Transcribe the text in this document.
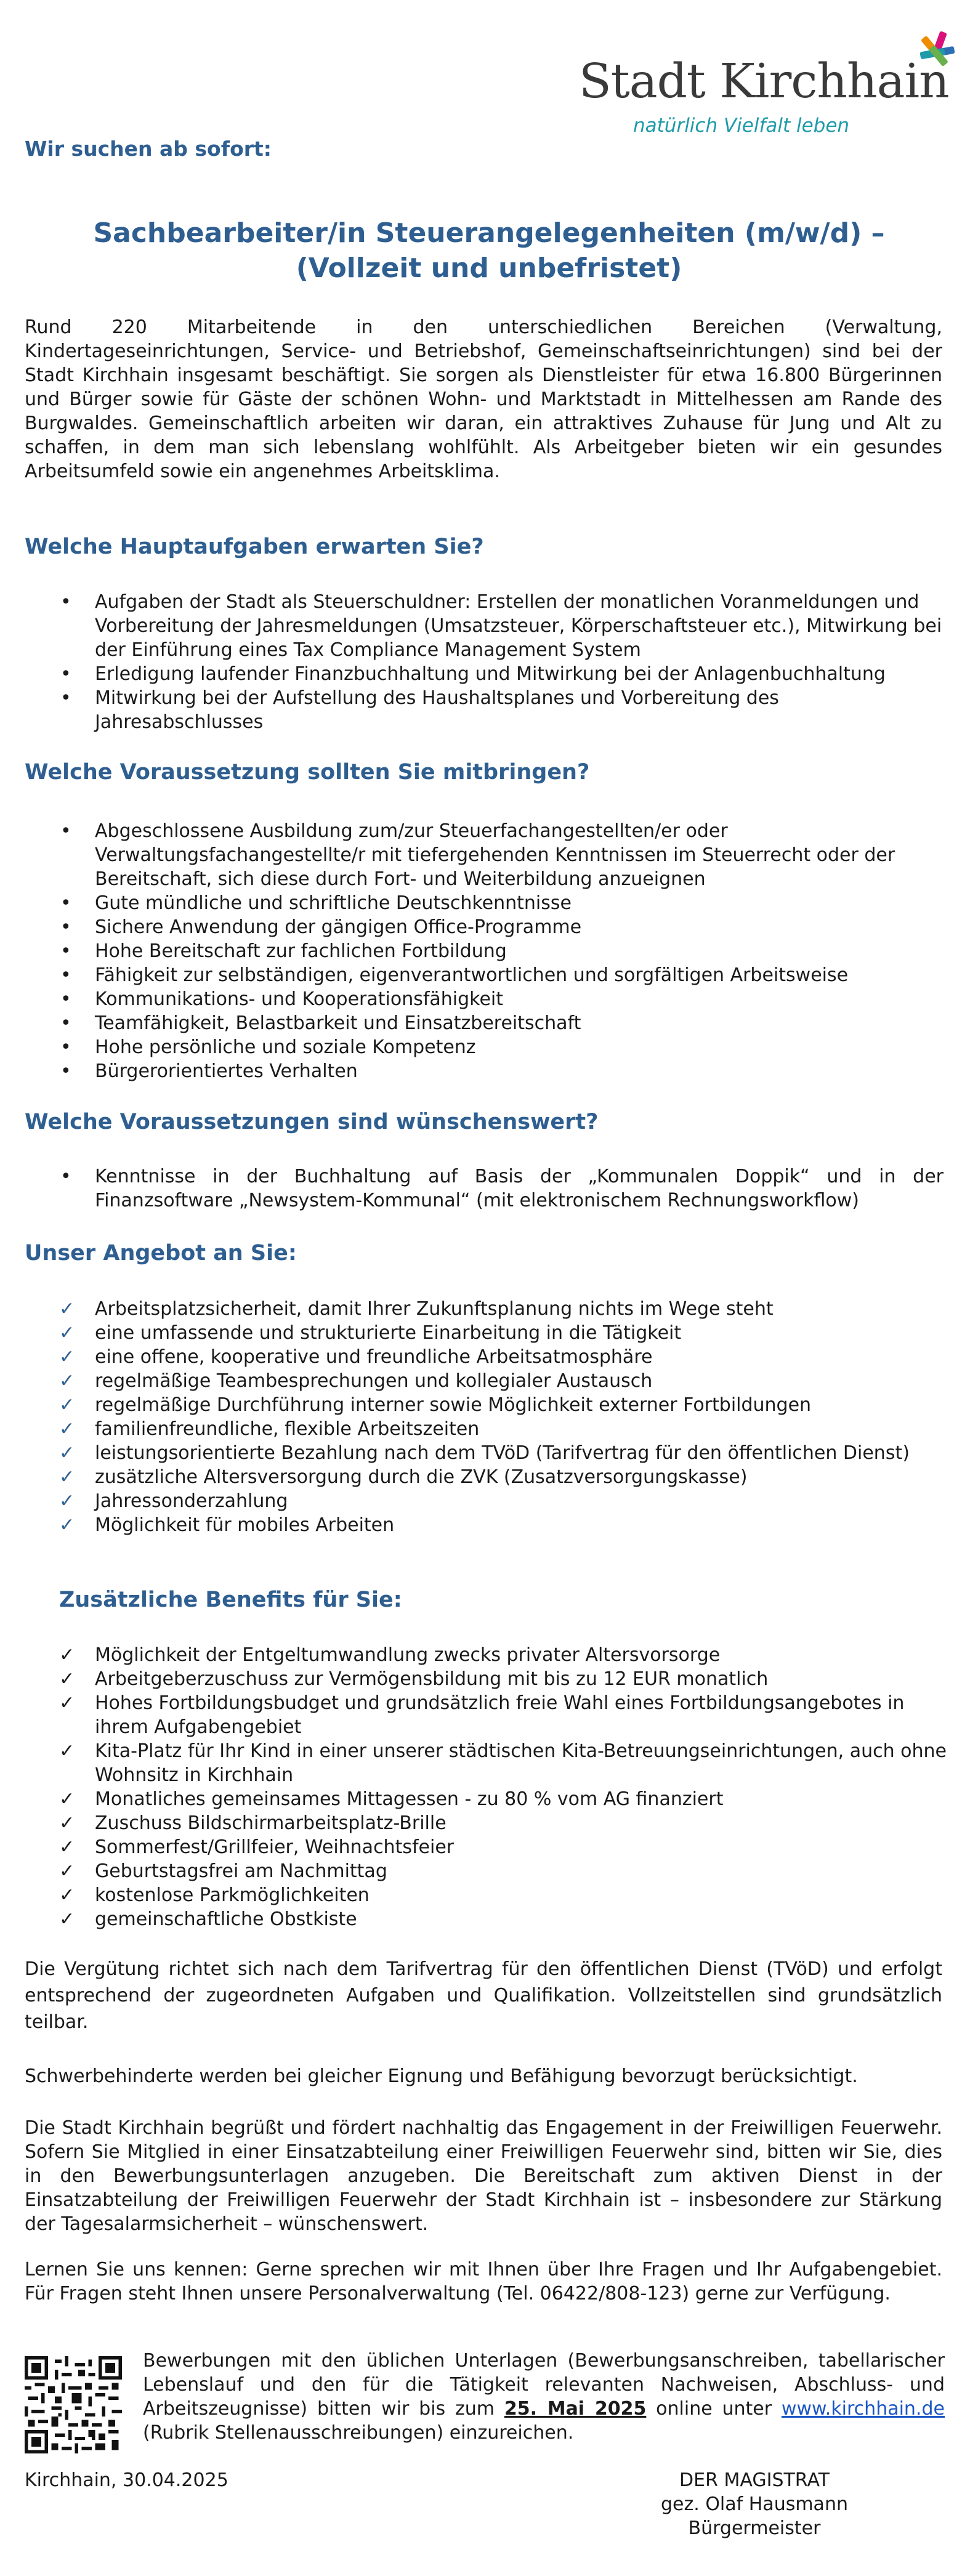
Stadt Kirchhain
natürlich Vielfalt leben
Wir suchen ab sofort:
Sachbearbeiter/in Steuerangelegenheiten (m/w/d) –
(Vollzeit und unbefristet)

Rund 220 Mitarbeitende in den unterschiedlichen Bereichen (Verwaltung, Kindertageseinrichtungen, Service- und Betriebshof, Gemeinschaftseinrichtungen) sind bei der Stadt Kirchhain insgesamt beschäftigt. Sie sorgen als Dienstleister für etwa 16.800 Bürgerinnen und Bürger sowie für Gäste der schönen Wohn- und Marktstadt in Mittelhessen am Rande des Burgwaldes. Gemeinschaftlich arbeiten wir daran, ein attraktives Zuhause für Jung und Alt zu schaffen, in dem man sich lebenslang wohlfühlt. Als Arbeitgeber bieten wir ein gesundes Arbeitsumfeld sowie ein angenehmes Arbeitsklima.

Welche Hauptaufgaben erwarten Sie?
• Aufgaben der Stadt als Steuerschuldner: Erstellen der monatlichen Voranmeldungen und Vorbereitung der Jahresmeldungen (Umsatzsteuer, Körperschaftsteuer etc.), Mitwirkung bei der Einführung eines Tax Compliance Management System
• Erledigung laufender Finanzbuchhaltung und Mitwirkung bei der Anlagenbuchhaltung
• Mitwirkung bei der Aufstellung des Haushaltsplanes und Vorbereitung des Jahresabschlusses
Welche Voraussetzung sollten Sie mitbringen?
• Abgeschlossene Ausbildung zum/zur Steuerfachangestellten/er oder Verwaltungsfachangestellte/r mit tiefergehenden Kenntnissen im Steuerrecht oder der Bereitschaft, sich diese durch Fort- und Weiterbildung anzueignen
• Gute mündliche und schriftliche Deutschkenntnisse
• Sichere Anwendung der gängigen Office-Programme
• Hohe Bereitschaft zur fachlichen Fortbildung
• Fähigkeit zur selbständigen, eigenverantwortlichen und sorgfältigen Arbeitsweise
• Kommunikations- und Kooperationsfähigkeit
• Teamfähigkeit, Belastbarkeit und Einsatzbereitschaft
• Hohe persönliche und soziale Kompetenz
• Bürgerorientiertes Verhalten
Welche Voraussetzungen sind wünschenswert?
• Kenntnisse in der Buchhaltung auf Basis der „Kommunalen Doppik“ und in der Finanzsoftware „Newsystem-Kommunal“ (mit elektronischem Rechnungsworkflow)
Unser Angebot an Sie:
✓ Arbeitsplatzsicherheit, damit Ihrer Zukunftsplanung nichts im Wege steht
✓ eine umfassende und strukturierte Einarbeitung in die Tätigkeit
✓ eine offene, kooperative und freundliche Arbeitsatmosphäre
✓ regelmäßige Teambesprechungen und kollegialer Austausch
✓ regelmäßige Durchführung interner sowie Möglichkeit externer Fortbildungen
✓ familienfreundliche, flexible Arbeitszeiten
✓ leistungsorientierte Bezahlung nach dem TVöD (Tarifvertrag für den öffentlichen Dienst)
✓ zusätzliche Altersversorgung durch die ZVK (Zusatzversorgungskasse)
✓ Jahressonderzahlung
✓ Möglichkeit für mobiles Arbeiten
Zusätzliche Benefits für Sie:
✓ Möglichkeit der Entgeltumwandlung zwecks privater Altersvorsorge
✓ Arbeitgeberzuschuss zur Vermögensbildung mit bis zu 12 EUR monatlich
✓ Hohes Fortbildungsbudget und grundsätzlich freie Wahl eines Fortbildungsangebotes in ihrem Aufgabengebiet
✓ Kita-Platz für Ihr Kind in einer unserer städtischen Kita-Betreuungseinrichtungen, auch ohne Wohnsitz in Kirchhain
✓ Monatliches gemeinsames Mittagessen - zu 80 % vom AG finanziert
✓ Zuschuss Bildschirmarbeitsplatz-Brille
✓ Sommerfest/Grillfeier, Weihnachtsfeier
✓ Geburtstagsfrei am Nachmittag
✓ kostenlose Parkmöglichkeiten
✓ gemeinschaftliche Obstkiste

Die Vergütung richtet sich nach dem Tarifvertrag für den öffentlichen Dienst (TVöD) und erfolgt entsprechend der zugeordneten Aufgaben und Qualifikation. Vollzeitstellen sind grundsätzlich teilbar.

Schwerbehinderte werden bei gleicher Eignung und Befähigung bevorzugt berücksichtigt.

Die Stadt Kirchhain begrüßt und fördert nachhaltig das Engagement in der Freiwilligen Feuerwehr. Sofern Sie Mitglied in einer Einsatzabteilung einer Freiwilligen Feuerwehr sind, bitten wir Sie, dies in den Bewerbungsunterlagen anzugeben. Die Bereitschaft zum aktiven Dienst in der Einsatzabteilung der Freiwilligen Feuerwehr der Stadt Kirchhain ist – insbesondere zur Stärkung der Tagesalarmsicherheit – wünschenswert.

Lernen Sie uns kennen: Gerne sprechen wir mit Ihnen über Ihre Fragen und Ihr Aufgabengebiet. Für Fragen steht Ihnen unsere Personalverwaltung (Tel. 06422/808-123) gerne zur Verfügung.

Bewerbungen mit den üblichen Unterlagen (Bewerbungsanschreiben, tabellarischer Lebenslauf und den für die Tätigkeit relevanten Nachweisen, Abschluss- und Arbeitszeugnisse) bitten wir bis zum 25. Mai 2025 online unter www.kirchhain.de (Rubrik Stellenausschreibungen) einzureichen.

Kirchhain, 30.04.2025	DER MAGISTRAT
gez. Olaf Hausmann
Bürgermeister
